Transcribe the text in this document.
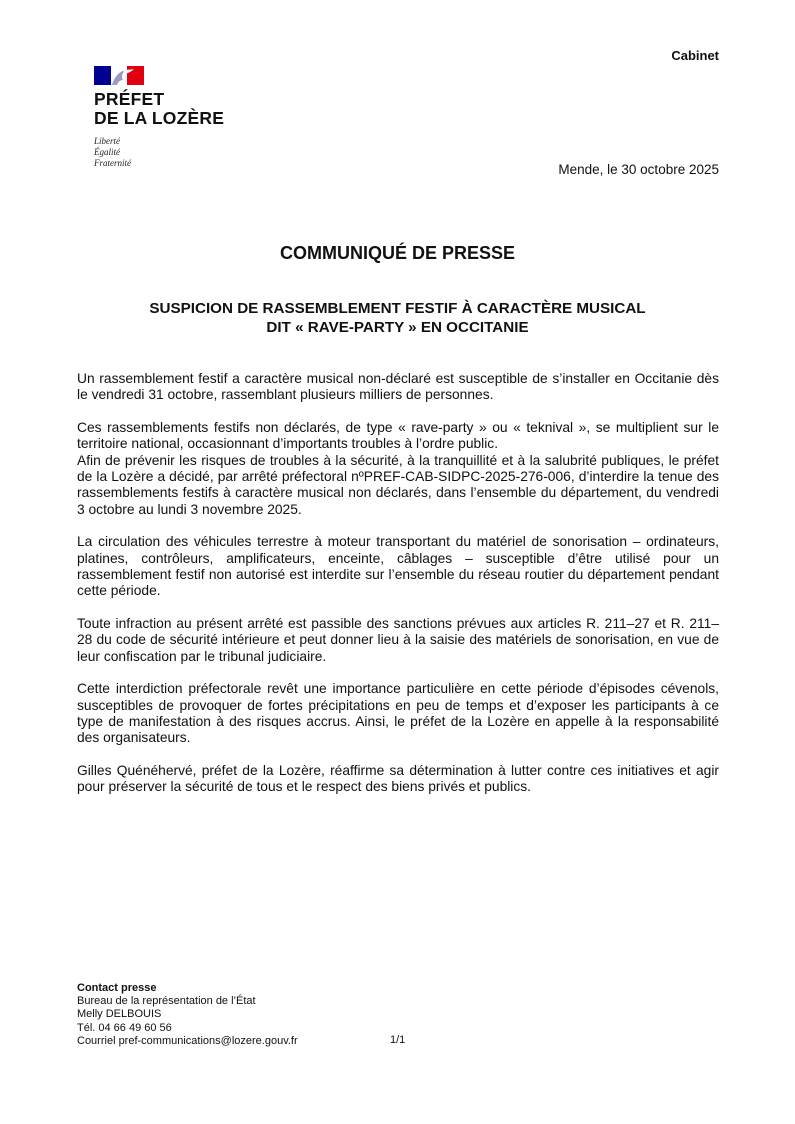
PRÉFET
DE LA LOZÈRE
Liberté
Égalité
Fraternité
Cabinet
Mende, le 30 octobre 2025
COMMUNIQUÉ DE PRESSE
SUSPICION DE RASSEMBLEMENT FESTIF À CARACTÈRE MUSICAL
DIT « RAVE-PARTY » EN OCCITANIE

Un rassemblement festif a caractère musical non-déclaré est susceptible de s’installer en Occitanie dès le vendredi 31 octobre, rassemblant plusieurs milliers de personnes.

Ces rassemblements festifs non déclarés, de type « rave-party » ou « teknival », se multiplient sur le territoire national, occasionnant d’importants troubles à l’ordre public.

Afin de prévenir les risques de troubles à la sécurité, à la tranquillité et à la salubrité publiques, le préfet de la Lozère a décidé, par arrêté préfectoral nºPREF-CAB-SIDPC-2025-276-006, d’interdire la tenue des rassemblements festifs à caractère musical non déclarés, dans l’ensemble du département, du vendredi 3 octobre au lundi 3 novembre 2025.

La circulation des véhicules terrestre à moteur transportant du matériel de sonorisation – ordinateurs, platines, contrôleurs, amplificateurs, enceinte, câblages – susceptible d’être utilisé pour un rassemblement festif non autorisé est interdite sur l’ensemble du réseau routier du département pendant cette période.

Toute infraction au présent arrêté est passible des sanctions prévues aux articles R. 211–27 et R. 211–28 du code de sécurité intérieure et peut donner lieu à la saisie des matériels de sonorisation, en vue de leur confiscation par le tribunal judiciaire.

Cette interdiction préfectorale revêt une importance particulière en cette période d’épisodes cévenols, susceptibles de provoquer de fortes précipitations en peu de temps et d’exposer les participants à ce type de manifestation à des risques accrus. Ainsi, le préfet de la Lozère en appelle à la responsabilité des organisateurs.

Gilles Quénéhervé, préfet de la Lozère, réaffirme sa détermination à lutter contre ces initiatives et agir pour préserver la sécurité de tous et le respect des biens privés et publics.

Contact presse
Bureau de la représentation de l’État
Melly DELBOUIS
Tél. 04 66 49 60 56
Courriel pref-communications@lozere.gouv.fr	1/1
